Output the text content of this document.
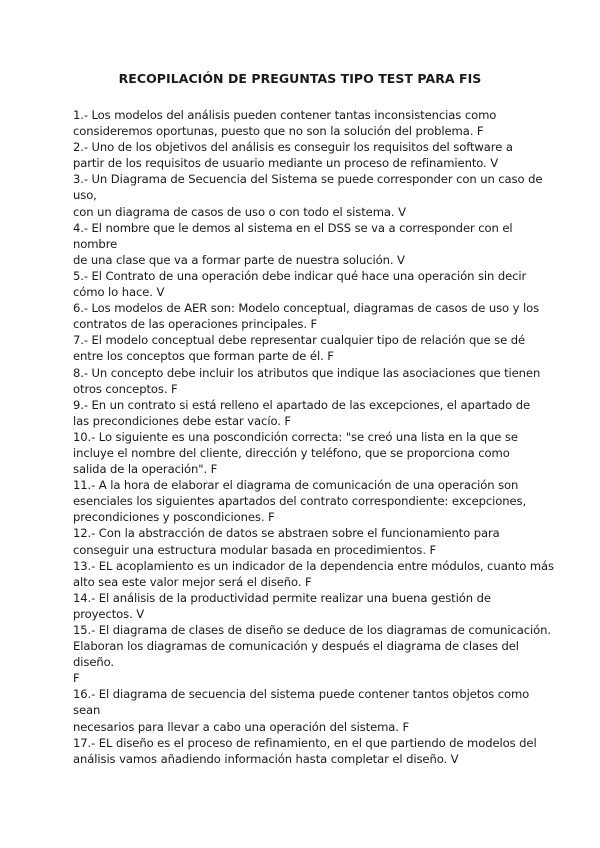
RECOPILACIÓN DE PREGUNTAS TIPO TEST PARA FIS
1.- Los modelos del análisis pueden contener tantas inconsistencias como
consideremos oportunas, puesto que no son la solución del problema. F
2.- Uno de los objetivos del análisis es conseguir los requisitos del software a
partir de los requisitos de usuario mediante un proceso de refinamiento. V
3.- Un Diagrama de Secuencia del Sistema se puede corresponder con un caso de
uso,
con un diagrama de casos de uso o con todo el sistema. V
4.- El nombre que le demos al sistema en el DSS se va a corresponder con el
nombre
de una clase que va a formar parte de nuestra solución. V
5.- El Contrato de una operación debe indicar qué hace una operación sin decir
cómo lo hace. V
6.- Los modelos de AER son: Modelo conceptual, diagramas de casos de uso y los
contratos de las operaciones principales. F
7.- El modelo conceptual debe representar cualquier tipo de relación que se dé
entre los conceptos que forman parte de él. F
8.- Un concepto debe incluir los atributos que indique las asociaciones que tienen
otros conceptos. F
9.- En un contrato si está relleno el apartado de las excepciones, el apartado de
las precondiciones debe estar vacío. F
10.- Lo siguiente es una poscondición correcta: "se creó una lista en la que se
incluye el nombre del cliente, dirección y teléfono, que se proporciona como
salida de la operación". F
11.- A la hora de elaborar el diagrama de comunicación de una operación son
esenciales los siguientes apartados del contrato correspondiente: excepciones,
precondiciones y poscondiciones. F
12.- Con la abstracción de datos se abstraen sobre el funcionamiento para
conseguir una estructura modular basada en procedimientos. F
13.- EL acoplamiento es un indicador de la dependencia entre módulos, cuanto más
alto sea este valor mejor será el diseño. F
14.- El análisis de la productividad permite realizar una buena gestión de
proyectos. V
15.- El diagrama de clases de diseño se deduce de los diagramas de comunicación.
Elaboran los diagramas de comunicación y después el diagrama de clases del
diseño.
F
16.- El diagrama de secuencia del sistema puede contener tantos objetos como
sean
necesarios para llevar a cabo una operación del sistema. F
17.- EL diseño es el proceso de refinamiento, en el que partiendo de modelos del
análisis vamos añadiendo información hasta completar el diseño. V
